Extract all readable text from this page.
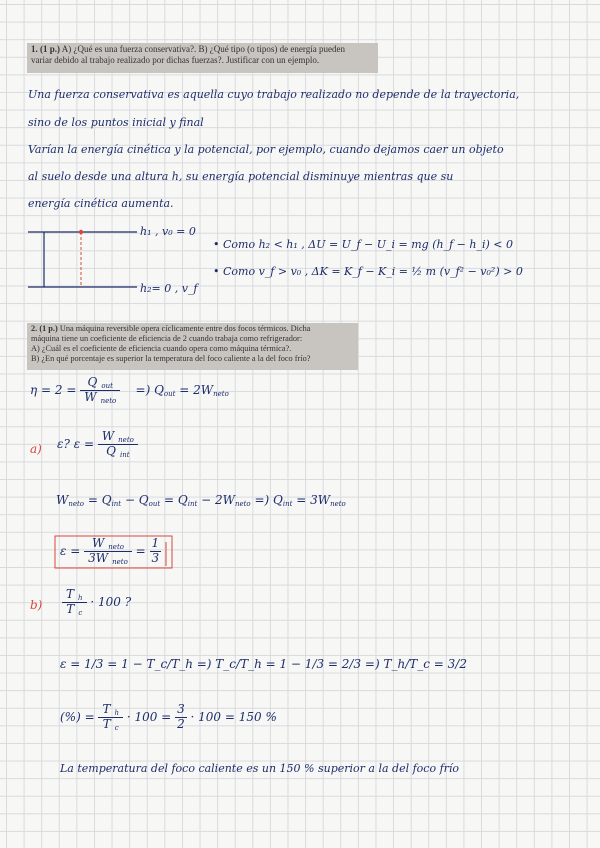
1. (1 p.) A) ¿Qué es una fuerza conservativa?. B) ¿Qué tipo (o tipos) de energía pueden
variar debido al trabajo realizado por dichas fuerzas?. Justificar con un ejemplo.
Una fuerza conservativa es aquella cuyo trabajo realizado no depende de la trayectoria,
sino de los puntos inicial y final
Varían la energía cinética y la potencial, por ejemplo, cuando dejamos caer un objeto
al suelo desde una altura h, su energía potencial disminuye mientras que su
energía cinética aumenta.
h₁ , v₀ = 0
h₂= 0 , v_f
• Como h₂ < h₁ , ΔU = U_f − U_i = mg (h_f − h_i) < 0
• Como v_f > v₀ , ΔK = K_f − K_i = ½ m (v_f² − v₀²) > 0
2. (1 p.) Una máquina reversible opera cíclicamente entre dos focos térmicos. Dicha
máquina tiene un coeficiente de eficiencia de 2 cuando trabaja como refrigerador:
A) ¿Cuál es el coeficiente de eficiencia cuando opera como máquina térmica?.
B) ¿En qué porcentaje es superior la temperatura del foco caliente a la del foco frío?
$\eta = 2 = \frac{Q _{out}}{W _{neto}}$ =) $Q_{out} = 2W_{neto}$
a) ε? $\varepsilon = \frac{W _{neto}}{Q _{int}}$
$W_{neto} = Q_{int} - Q_{out} = Q_{int} - 2W_{neto}$ =) $Q_{int} = 3W_{neto}$
$\varepsilon = \frac{W _{neto}}{3W _{neto}} = \frac{1}{3}$
$b) \frac{T _h}{T _c} \cdot 100$ ?
ε = 1/3 = 1 − T_c/T_h =) T_c/T_h = 1 − 1/3 = 2/3 =) T_h/T_c = 3/2
(%) = $\frac{T _h}{T _c} \cdot 100 = \frac{3}{2} \cdot 100 = 150$ %
La temperatura del foco caliente es un 150 % superior a la del foco frío
